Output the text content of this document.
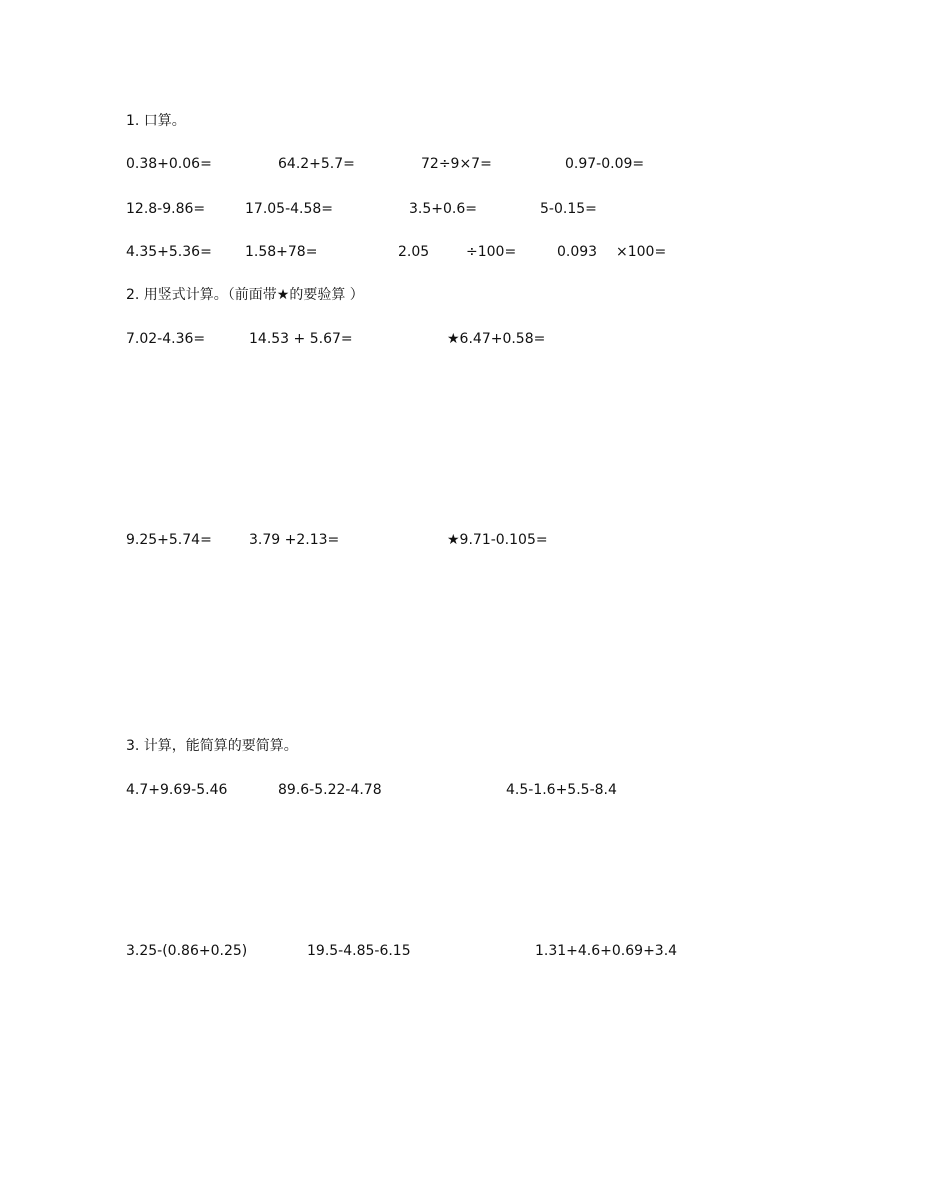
1. 口算。
0.38+0.06=	64.2+5.7=	72÷9×7=	0.97-0.09=
12.8-9.86=	17.05-4.58=	3.5+0.6=	5-0.15=
4.35+5.36= 1.58+78=	2.05	÷100=	0.093 ×100=
2. 用竖式计算。（前面带★的要验算 ）
7.02-4.36=	14.53 + 5.67=	★6.47+0.58=
9.25+5.74=	3.79 +2.13=	★9.71-0.105=
3. 计算，能简算的要简算。
4.7+9.69-5.46	89.6-5.22-4.78	4.5-1.6+5.5-8.4
3.25-(0.86+0.25)	19.5-4.85-6.15	1.31+4.6+0.69+3.4
